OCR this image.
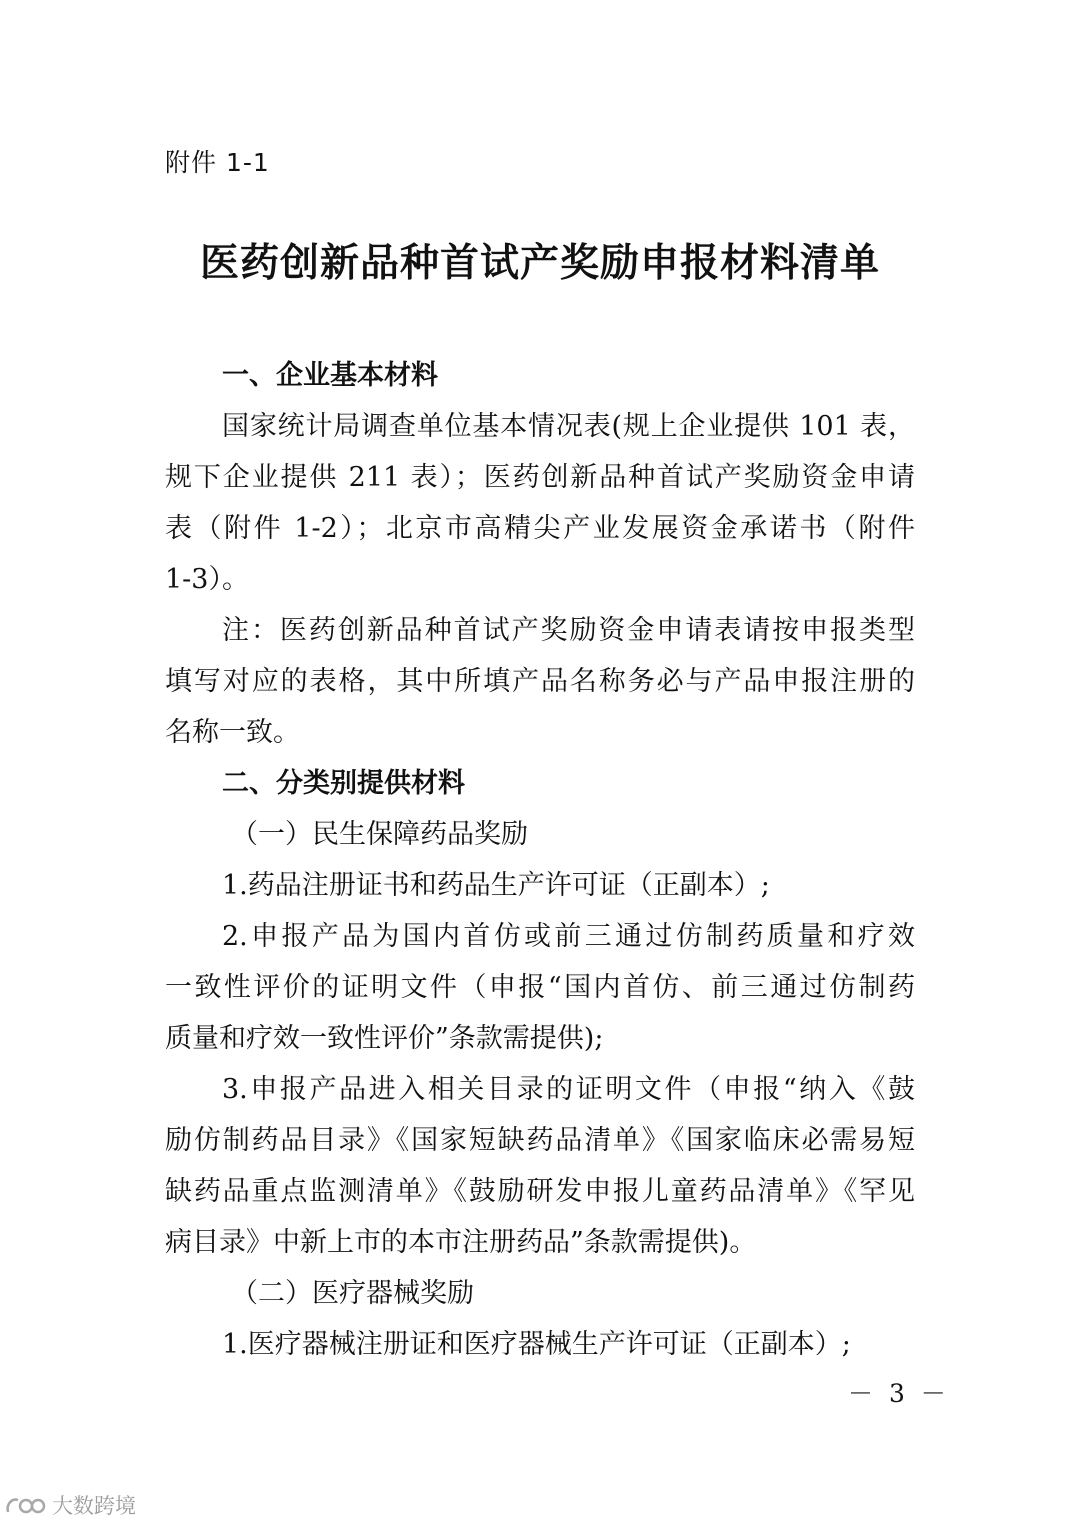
附件 1-1

医药创新品种首试产奖励申报材料清单

一、企业基本材料

国家统计局调查单位基本情况表(规上企业提供 101 表，

规下企业提供 211 表）；医药创新品种首试产奖励资金申请

表（附件 1-2）；北京市高精尖产业发展资金承诺书（附件

1-3）。

注：医药创新品种首试产奖励资金申请表请按申报类型

填写对应的表格，其中所填产品名称务必与产品申报注册的

名称一致。

二、分类别提供材料

（一）民生保障药品奖励

1.药品注册证书和药品生产许可证（正副本）;

2.申报产品为国内首仿或前三通过仿制药质量和疗效

一致性评价的证明文件（申报“国内首仿、前三通过仿制药

质量和疗效一致性评价”条款需提供);

3.申报产品进入相关目录的证明文件（申报“纳入《鼓

励仿制药品目录》《国家短缺药品清单》《国家临床必需易短

缺药品重点监测清单》《鼓励研发申报儿童药品清单》《罕见

病目录》中新上市的本市注册药品”条款需提供)。

（二）医疗器械奖励

1.医疗器械注册证和医疗器械生产许可证（正副本）;

－ 3 －

大数跨境
